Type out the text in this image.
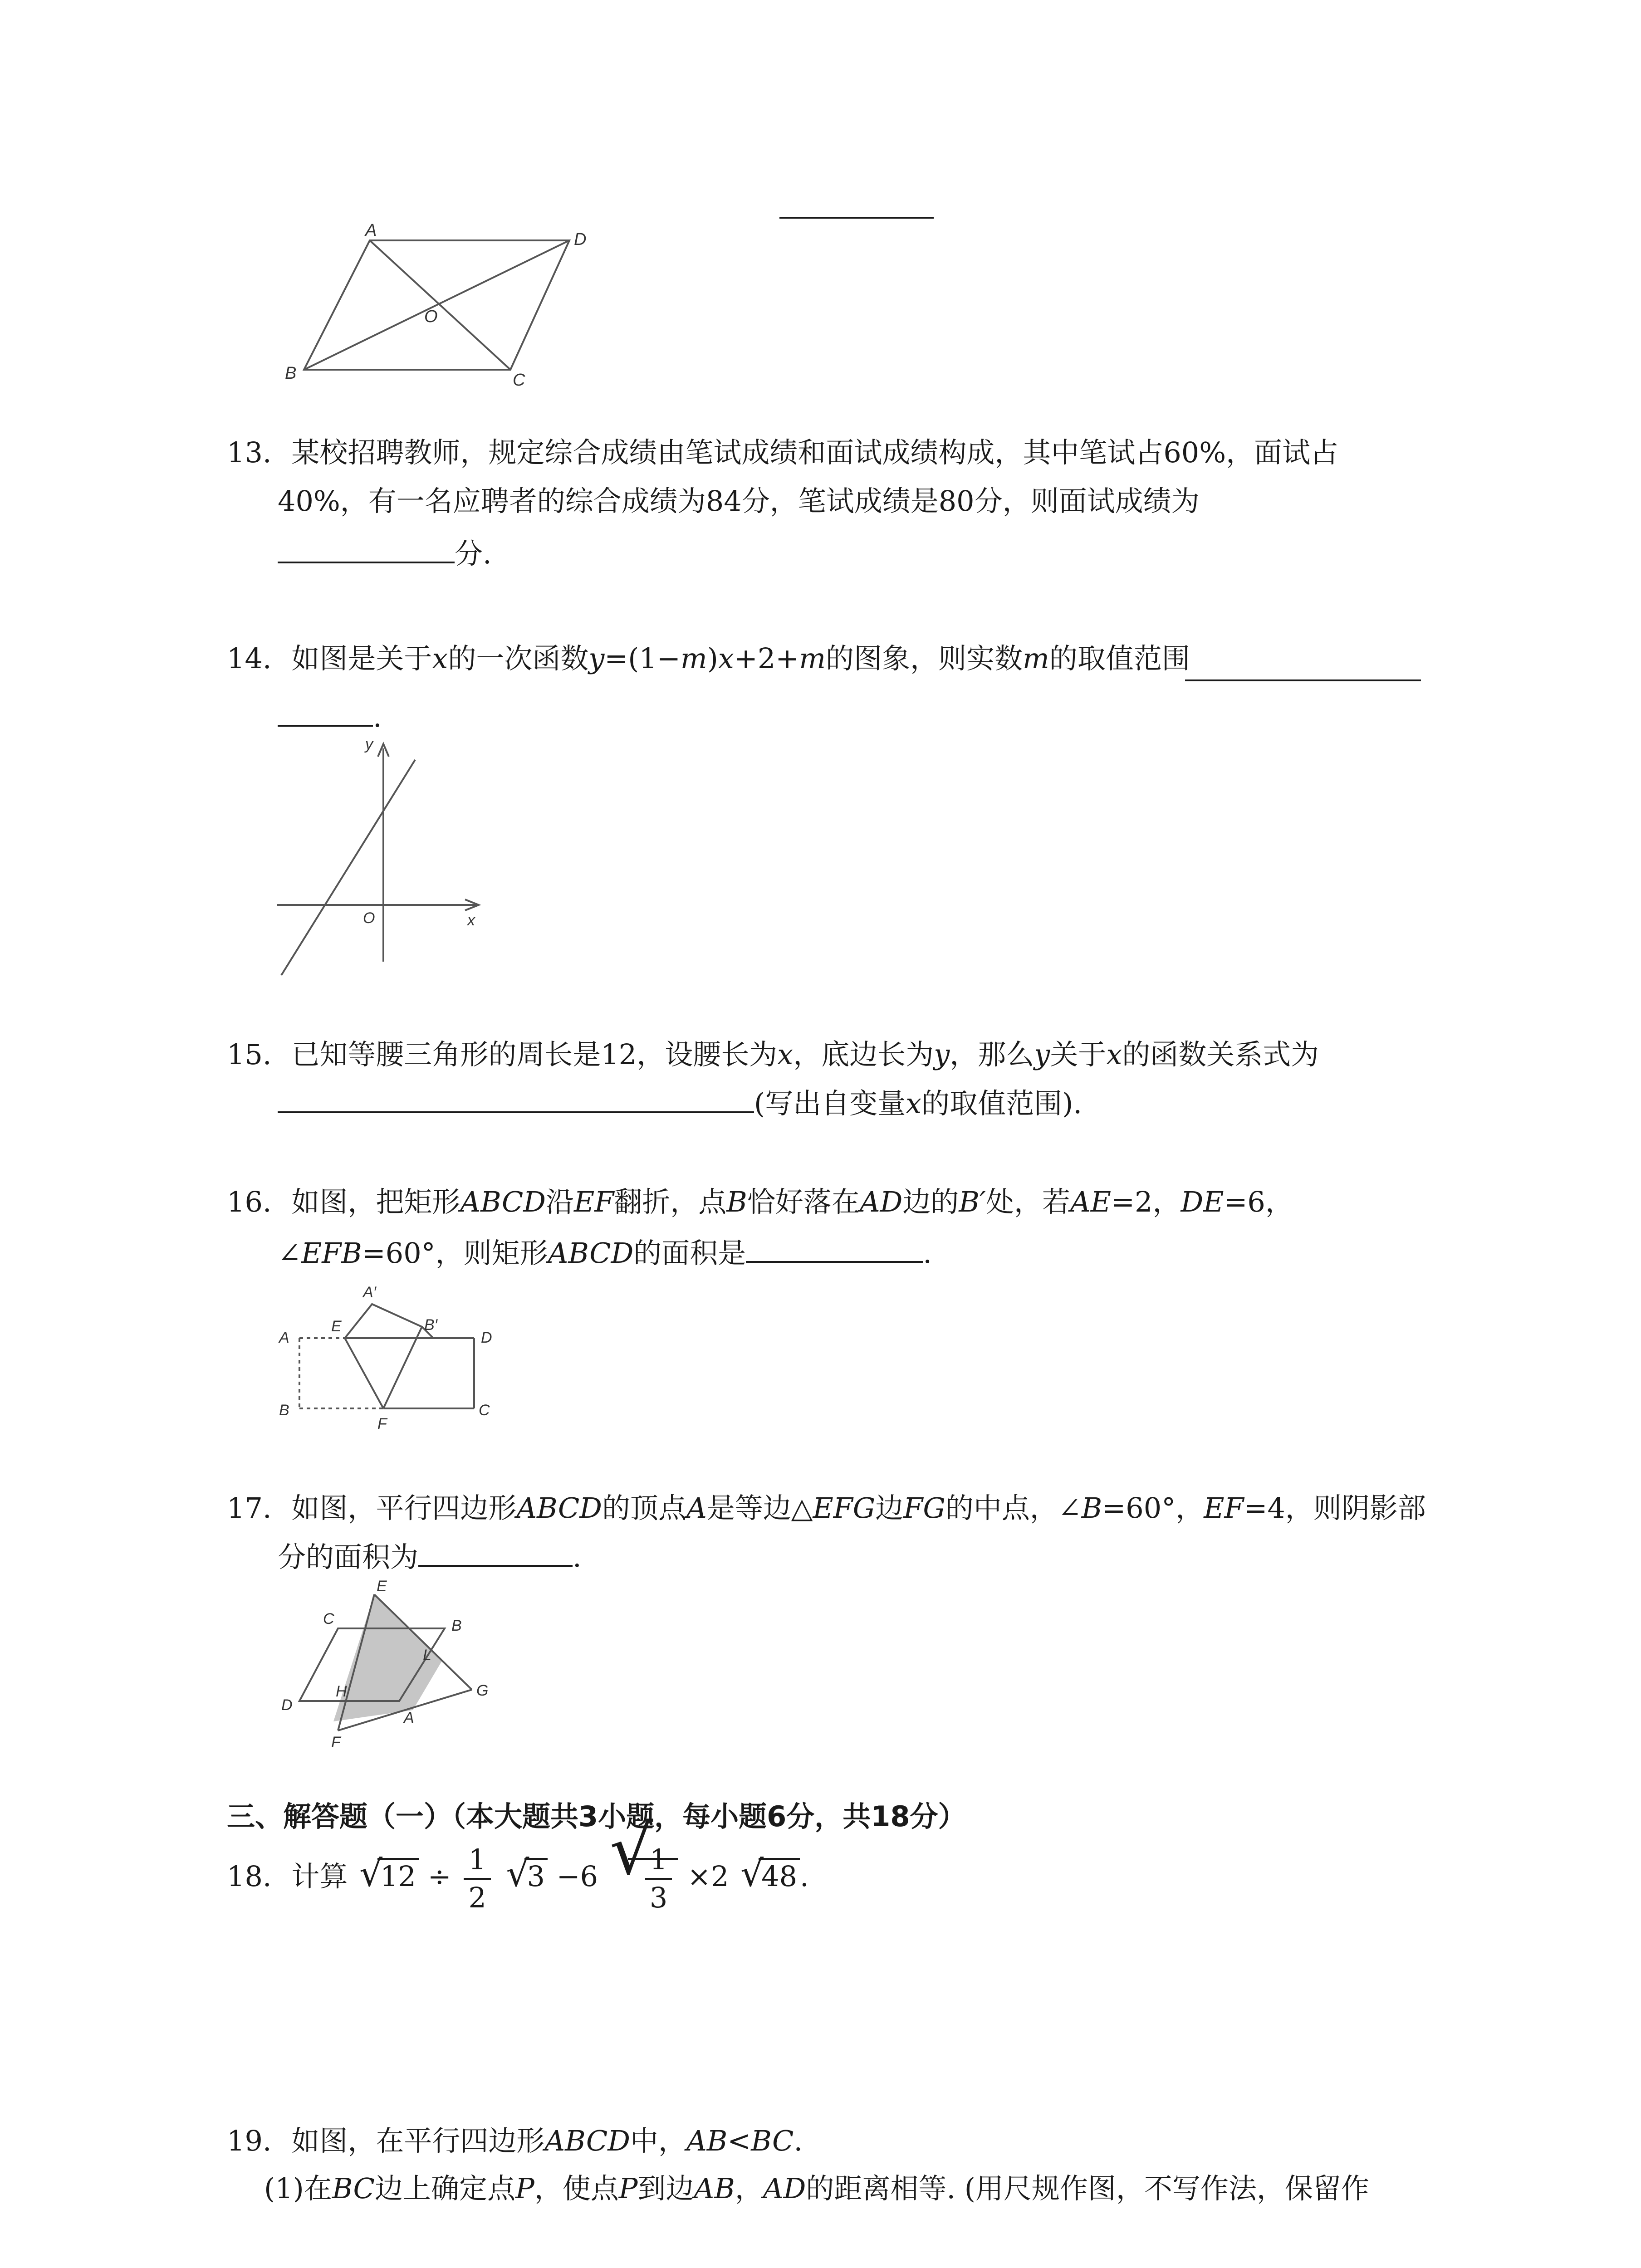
A	D
O
B	C
13. 某校招聘教师，规定综合成绩由笔试成绩和面试成绩构成，其中笔试占60%，面试占
40%，有一名应聘者的综合成绩为84分，笔试成绩是80分，则面试成绩为
分.
14. 如图是关于x的一次函数y=(1−m)x+2+m的图象，则实数m的取值范围
.
y
x
O
15. 已知等腰三角形的周长是12，设腰长为x，底边长为y，那么y关于x的函数关系式为
(写出自变量x的取值范围).
16. 如图，把矩形ABCD沿EF翻折，点B恰好落在AD边的B′处，若AE=2，DE=6，
∠EFB=60°，则矩形ABCD的面积是	.
A′
A
E	B′
D
B
F
C
17. 如图，平行四边形ABCD的顶点A是等边△EFG边FG的中点，∠B=60°，EF=4，则阴影部
分的面积为	.
C
E
B
L
H	G
D
F
A
三、解答题（一）（本大题共3小题，每小题6分，共18分）
18. 计算 √
$12 \div \frac{1}{2}$
√
3 −6 √
$\frac{1}{3} \times 2$ √
48.
19. 如图，在平行四边形ABCD中，AB<BC.
(1)在BC边上确定点P，使点P到边AB，AD的距离相等. (用尺规作图，不写作法，保留作
